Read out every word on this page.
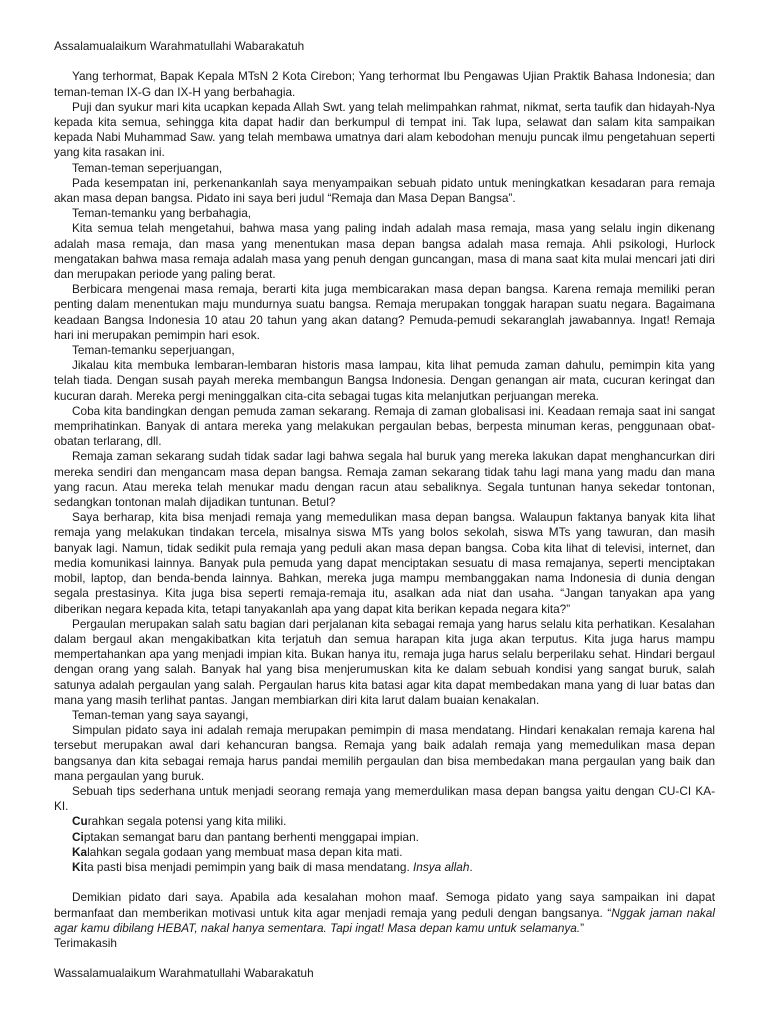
Assalamualaikum Warahmatullahi Wabarakatuh

Yang terhormat, Bapak Kepala MTsN 2 Kota Cirebon; Yang terhormat Ibu Pengawas Ujian Praktik Bahasa Indonesia; dan teman-teman IX-G dan IX-H yang berbahagia.

Puji dan syukur mari kita ucapkan kepada Allah Swt. yang telah melimpahkan rahmat, nikmat, serta taufik dan hidayah-Nya kepada kita semua, sehingga kita dapat hadir dan berkumpul di tempat ini. Tak lupa, selawat dan salam kita sampaikan kepada Nabi Muhammad Saw. yang telah membawa umatnya dari alam kebodohan menuju puncak ilmu pengetahuan seperti yang kita rasakan ini.

Teman-teman seperjuangan,

Pada kesempatan ini, perkenankanlah saya menyampaikan sebuah pidato untuk meningkatkan kesadaran para remaja akan masa depan bangsa. Pidato ini saya beri judul “Remaja dan Masa Depan Bangsa”.

Teman-temanku yang berbahagia,

Kita semua telah mengetahui, bahwa masa yang paling indah adalah masa remaja, masa yang selalu ingin dikenang adalah masa remaja, dan masa yang menentukan masa depan bangsa adalah masa remaja. Ahli psikologi, Hurlock mengatakan bahwa masa remaja adalah masa yang penuh dengan guncangan, masa di mana saat kita mulai mencari jati diri dan merupakan periode yang paling berat.

Berbicara mengenai masa remaja, berarti kita juga membicarakan masa depan bangsa. Karena remaja memiliki peran penting dalam menentukan maju mundurnya suatu bangsa. Remaja merupakan tonggak harapan suatu negara. Bagaimana keadaan Bangsa Indonesia 10 atau 20 tahun yang akan datang? Pemuda-pemudi sekaranglah jawabannya. Ingat! Remaja hari ini merupakan pemimpin hari esok.

Teman-temanku seperjuangan,

Jikalau kita membuka lembaran-lembaran historis masa lampau, kita lihat pemuda zaman dahulu, pemimpin kita yang telah tiada. Dengan susah payah mereka membangun Bangsa Indonesia. Dengan genangan air mata, cucuran keringat dan kucuran darah. Mereka pergi meninggalkan cita-cita sebagai tugas kita melanjutkan perjuangan mereka.

Coba kita bandingkan dengan pemuda zaman sekarang. Remaja di zaman globalisasi ini. Keadaan remaja saat ini sangat memprihatinkan. Banyak di antara mereka yang melakukan pergaulan bebas, berpesta minuman keras, penggunaan obat-obatan terlarang, dll.

Remaja zaman sekarang sudah tidak sadar lagi bahwa segala hal buruk yang mereka lakukan dapat menghancurkan diri mereka sendiri dan mengancam masa depan bangsa. Remaja zaman sekarang tidak tahu lagi mana yang madu dan mana yang racun. Atau mereka telah menukar madu dengan racun atau sebaliknya. Segala tuntunan hanya sekedar tontonan, sedangkan tontonan malah dijadikan tuntunan. Betul?

Saya berharap, kita bisa menjadi remaja yang memedulikan masa depan bangsa. Walaupun faktanya banyak kita lihat remaja yang melakukan tindakan tercela, misalnya siswa MTs yang bolos sekolah, siswa MTs yang tawuran, dan masih banyak lagi. Namun, tidak sedikit pula remaja yang peduli akan masa depan bangsa. Coba kita lihat di televisi, internet, dan media komunikasi lainnya. Banyak pula pemuda yang dapat menciptakan sesuatu di masa remajanya, seperti menciptakan mobil, laptop, dan benda-benda lainnya. Bahkan, mereka juga mampu membanggakan nama Indonesia di dunia dengan segala prestasinya. Kita juga bisa seperti remaja-remaja itu, asalkan ada niat dan usaha. “Jangan tanyakan apa yang diberikan negara kepada kita, tetapi tanyakanlah apa yang dapat kita berikan kepada negara kita?”

Pergaulan merupakan salah satu bagian dari perjalanan kita sebagai remaja yang harus selalu kita perhatikan. Kesalahan dalam bergaul akan mengakibatkan kita terjatuh dan semua harapan kita juga akan terputus. Kita juga harus mampu mempertahankan apa yang menjadi impian kita. Bukan hanya itu, remaja juga harus selalu berperilaku sehat. Hindari bergaul dengan orang yang salah. Banyak hal yang bisa menjerumuskan kita ke dalam sebuah kondisi yang sangat buruk, salah satunya adalah pergaulan yang salah. Pergaulan harus kita batasi agar kita dapat membedakan mana yang di luar batas dan mana yang masih terlihat pantas. Jangan membiarkan diri kita larut dalam buaian kenakalan.

Teman-teman yang saya sayangi,

Simpulan pidato saya ini adalah remaja merupakan pemimpin di masa mendatang. Hindari kenakalan remaja karena hal tersebut merupakan awal dari kehancuran bangsa. Remaja yang baik adalah remaja yang memedulikan masa depan bangsanya dan kita sebagai remaja harus pandai memilih pergaulan dan bisa membedakan mana pergaulan yang baik dan mana pergaulan yang buruk.

Sebuah tips sederhana untuk menjadi seorang remaja yang memerdulikan masa depan bangsa yaitu dengan CU-CI KA-KI.

Curahkan segala potensi yang kita miliki.

Ciptakan semangat baru dan pantang berhenti menggapai impian.

Kalahkan segala godaan yang membuat masa depan kita mati.

Kita pasti bisa menjadi pemimpin yang baik di masa mendatang. Insya allah.

Demikian pidato dari saya. Apabila ada kesalahan mohon maaf. Semoga pidato yang saya sampaikan ini dapat bermanfaat dan memberikan motivasi untuk kita agar menjadi remaja yang peduli dengan bangsanya. “Nggak jaman nakal agar kamu dibilang HEBAT, nakal hanya sementara. Tapi ingat! Masa depan kamu untuk selamanya.”

Terimakasih

Wassalamualaikum Warahmatullahi Wabarakatuh
